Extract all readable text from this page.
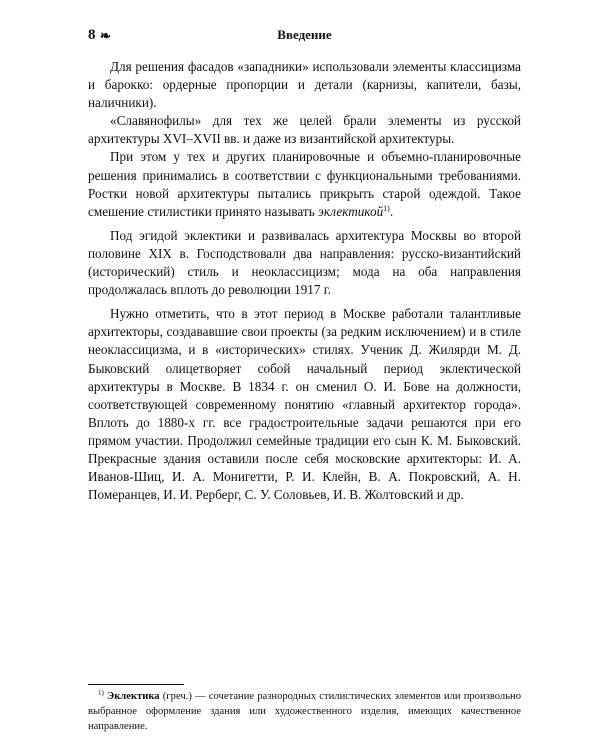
8 ❧	Введение

Для решения фасадов «западники» использовали элементы классицизма и барокко: ордерные пропорции и детали (карнизы, капители, базы, наличники).

«Славянофилы» для тех же целей брали элементы из русской архитектуры XVI–XVII вв. и даже из византийской архитектуры.

При этом у тех и других планировочные и объемно-планировочные решения принимались в соответствии с функциональными требованиями. Ростки новой архитектуры пытались прикрыть старой одеждой. Такое смешение стилистики принято называть эклектикой$^{1)}$.

Под эгидой эклектики и развивалась архитектура Москвы во второй половине XIX в. Господствовали два направления: русско-византийский (исторический) стиль и неоклассицизм; мода на оба направления продолжалась вплоть до революции 1917 г.

Нужно отметить, что в этот период в Москве работали талантливые архитекторы, создававшие свои проекты (за редким исключением) и в стиле неоклассицизма, и в «исторических» стилях. Ученик Д. Жилярди М. Д. Быковский олицетворяет собой начальный период эклектической архитектуры в Москве. В 1834 г. он сменил О. И. Бове на должности, соответствующей современному понятию «главный архитектор города». Вплоть до 1880-х гг. все градостроительные задачи решаются при его прямом участии. Продолжил семейные традиции его сын К. М. Быковский. Прекрасные здания оставили после себя московские архитекторы: И. А. Иванов-Шиц, И. А. Монигетти, Р. И. Клейн, В. А. Покровский, А. Н. Померанцев, И. И. Рерберг, С. У. Соловьев, И. В. Жолтовский и др.

$^{1)}$ Эклектика (греч.) — сочетание разнородных стилистических элементов или произвольно выбранное оформление здания или художественного изделия, имеющих качественное направление.
